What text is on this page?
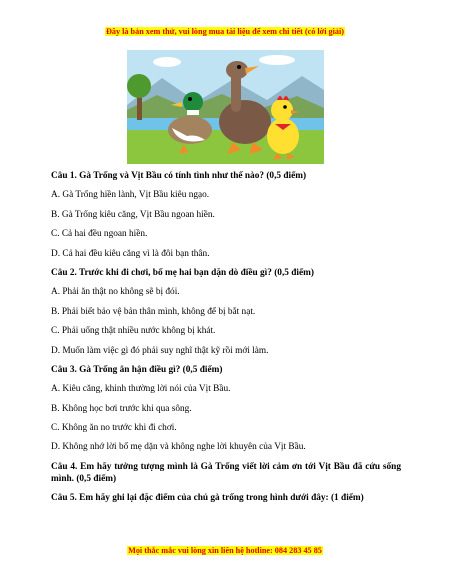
Đây là bản xem thử, vui lòng mua tài liệu để xem chi tiết (có lời giải)

Câu 1. Gà Trống và Vịt Bầu có tính tình như thế nào? (0,5 điểm)

A. Gà Trống hiền lành, Vịt Bầu kiêu ngạo.

B. Gà Trống kiêu căng, Vịt Bầu ngoan hiền.

C. Cả hai đều ngoan hiền.

D. Cả hai đều kiêu căng vì là đôi bạn thân.

Câu 2. Trước khi đi chơi, bố mẹ hai bạn dặn dò điều gì? (0,5 điểm)

A. Phải ăn thật no không sẽ bị đói.

B. Phải biết bảo vệ bản thân mình, không để bị bắt nạt.

C. Phải uống thật nhiều nước không bị khát.

D. Muốn làm việc gì đó phải suy nghĩ thật kỹ rồi mới làm.

Câu 3. Gà Trống ân hận điều gì? (0,5 điểm)

A. Kiêu căng, khinh thường lời nói của Vịt Bầu.

B. Không học bơi trước khi qua sông.

C. Không ăn no trước khi đi chơi.

D. Không nhớ lời bố mẹ dặn và không nghe lời khuyên của Vịt Bầu.

Câu 4. Em hãy tưởng tượng mình là Gà Trống viết lời cảm ơn tới Vịt Bầu đã cứu sống mình. (0,5 điểm)

Câu 5. Em hãy ghi lại đặc điểm của chú gà trống trong hình dưới đây: (1 điểm)

Mọi thắc mắc vui lòng xin liên hệ hotline: 084 283 45 85
